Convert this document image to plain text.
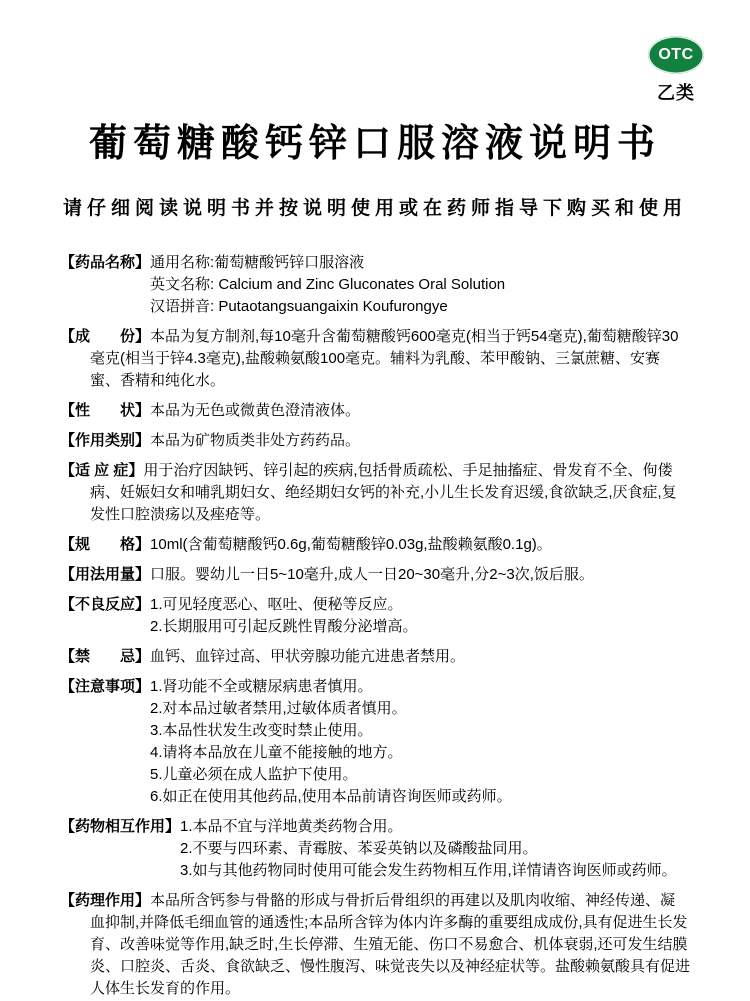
OTC
乙类
葡萄糖酸钙锌口服溶液说明书
请仔细阅读说明书并按说明使用或在药师指导下购买和使用
【药品名称】通用名称:葡萄糖酸钙锌口服溶液
英文名称: Calcium and Zinc Gluconates Oral Solution
汉语拼音: Putaotangsuangaixin Koufurongye
【成　　份】本品为复方制剂,每10毫升含葡萄糖酸钙600毫克(相当于钙54毫克),葡萄糖酸锌30毫克(相当于锌4.3毫克),盐酸赖氨酸100毫克。辅料为乳酸、苯甲酸钠、三氯蔗糖、安赛蜜、香精和纯化水。
【性　　状】本品为无色或微黄色澄清液体。
【作用类别】本品为矿物质类非处方药药品。
【适 应 症】用于治疗因缺钙、锌引起的疾病,包括骨质疏松、手足抽搐症、骨发育不全、佝偻病、妊娠妇女和哺乳期妇女、绝经期妇女钙的补充,小儿生长发育迟缓,食欲缺乏,厌食症,复发性口腔溃疡以及痤疮等。
【规　　格】10ml(含葡萄糖酸钙0.6g,葡萄糖酸锌0.03g,盐酸赖氨酸0.1g)。
【用法用量】口服。婴幼儿一日5~10毫升,成人一日20~30毫升,分2~3次,饭后服。
【不良反应】1.可见轻度恶心、呕吐、便秘等反应。
2.长期服用可引起反跳性胃酸分泌增高。
【禁　　忌】血钙、血锌过高、甲状旁腺功能亢进患者禁用。
【注意事项】1.肾功能不全或糖尿病患者慎用。
2.对本品过敏者禁用,过敏体质者慎用。
3.本品性状发生改变时禁止使用。
4.请将本品放在儿童不能接触的地方。
5.儿童必须在成人监护下使用。
6.如正在使用其他药品,使用本品前请咨询医师或药师。
【药物相互作用】1.本品不宜与洋地黄类药物合用。
2.不要与四环素、青霉胺、苯妥英钠以及磷酸盐同用。
3.如与其他药物同时使用可能会发生药物相互作用,详情请咨询医师或药师。
【药理作用】本品所含钙参与骨骼的形成与骨折后骨组织的再建以及肌肉收缩、神经传递、凝血抑制,并降低毛细血管的通透性;本品所含锌为体内许多酶的重要组成成份,具有促进生长发育、改善味觉等作用,缺乏时,生长停滞、生殖无能、伤口不易愈合、机体衰弱,还可发生结膜炎、口腔炎、舌炎、食欲缺乏、慢性腹泻、味觉丧失以及神经症状等。盐酸赖氨酸具有促进人体生长发育的作用。
